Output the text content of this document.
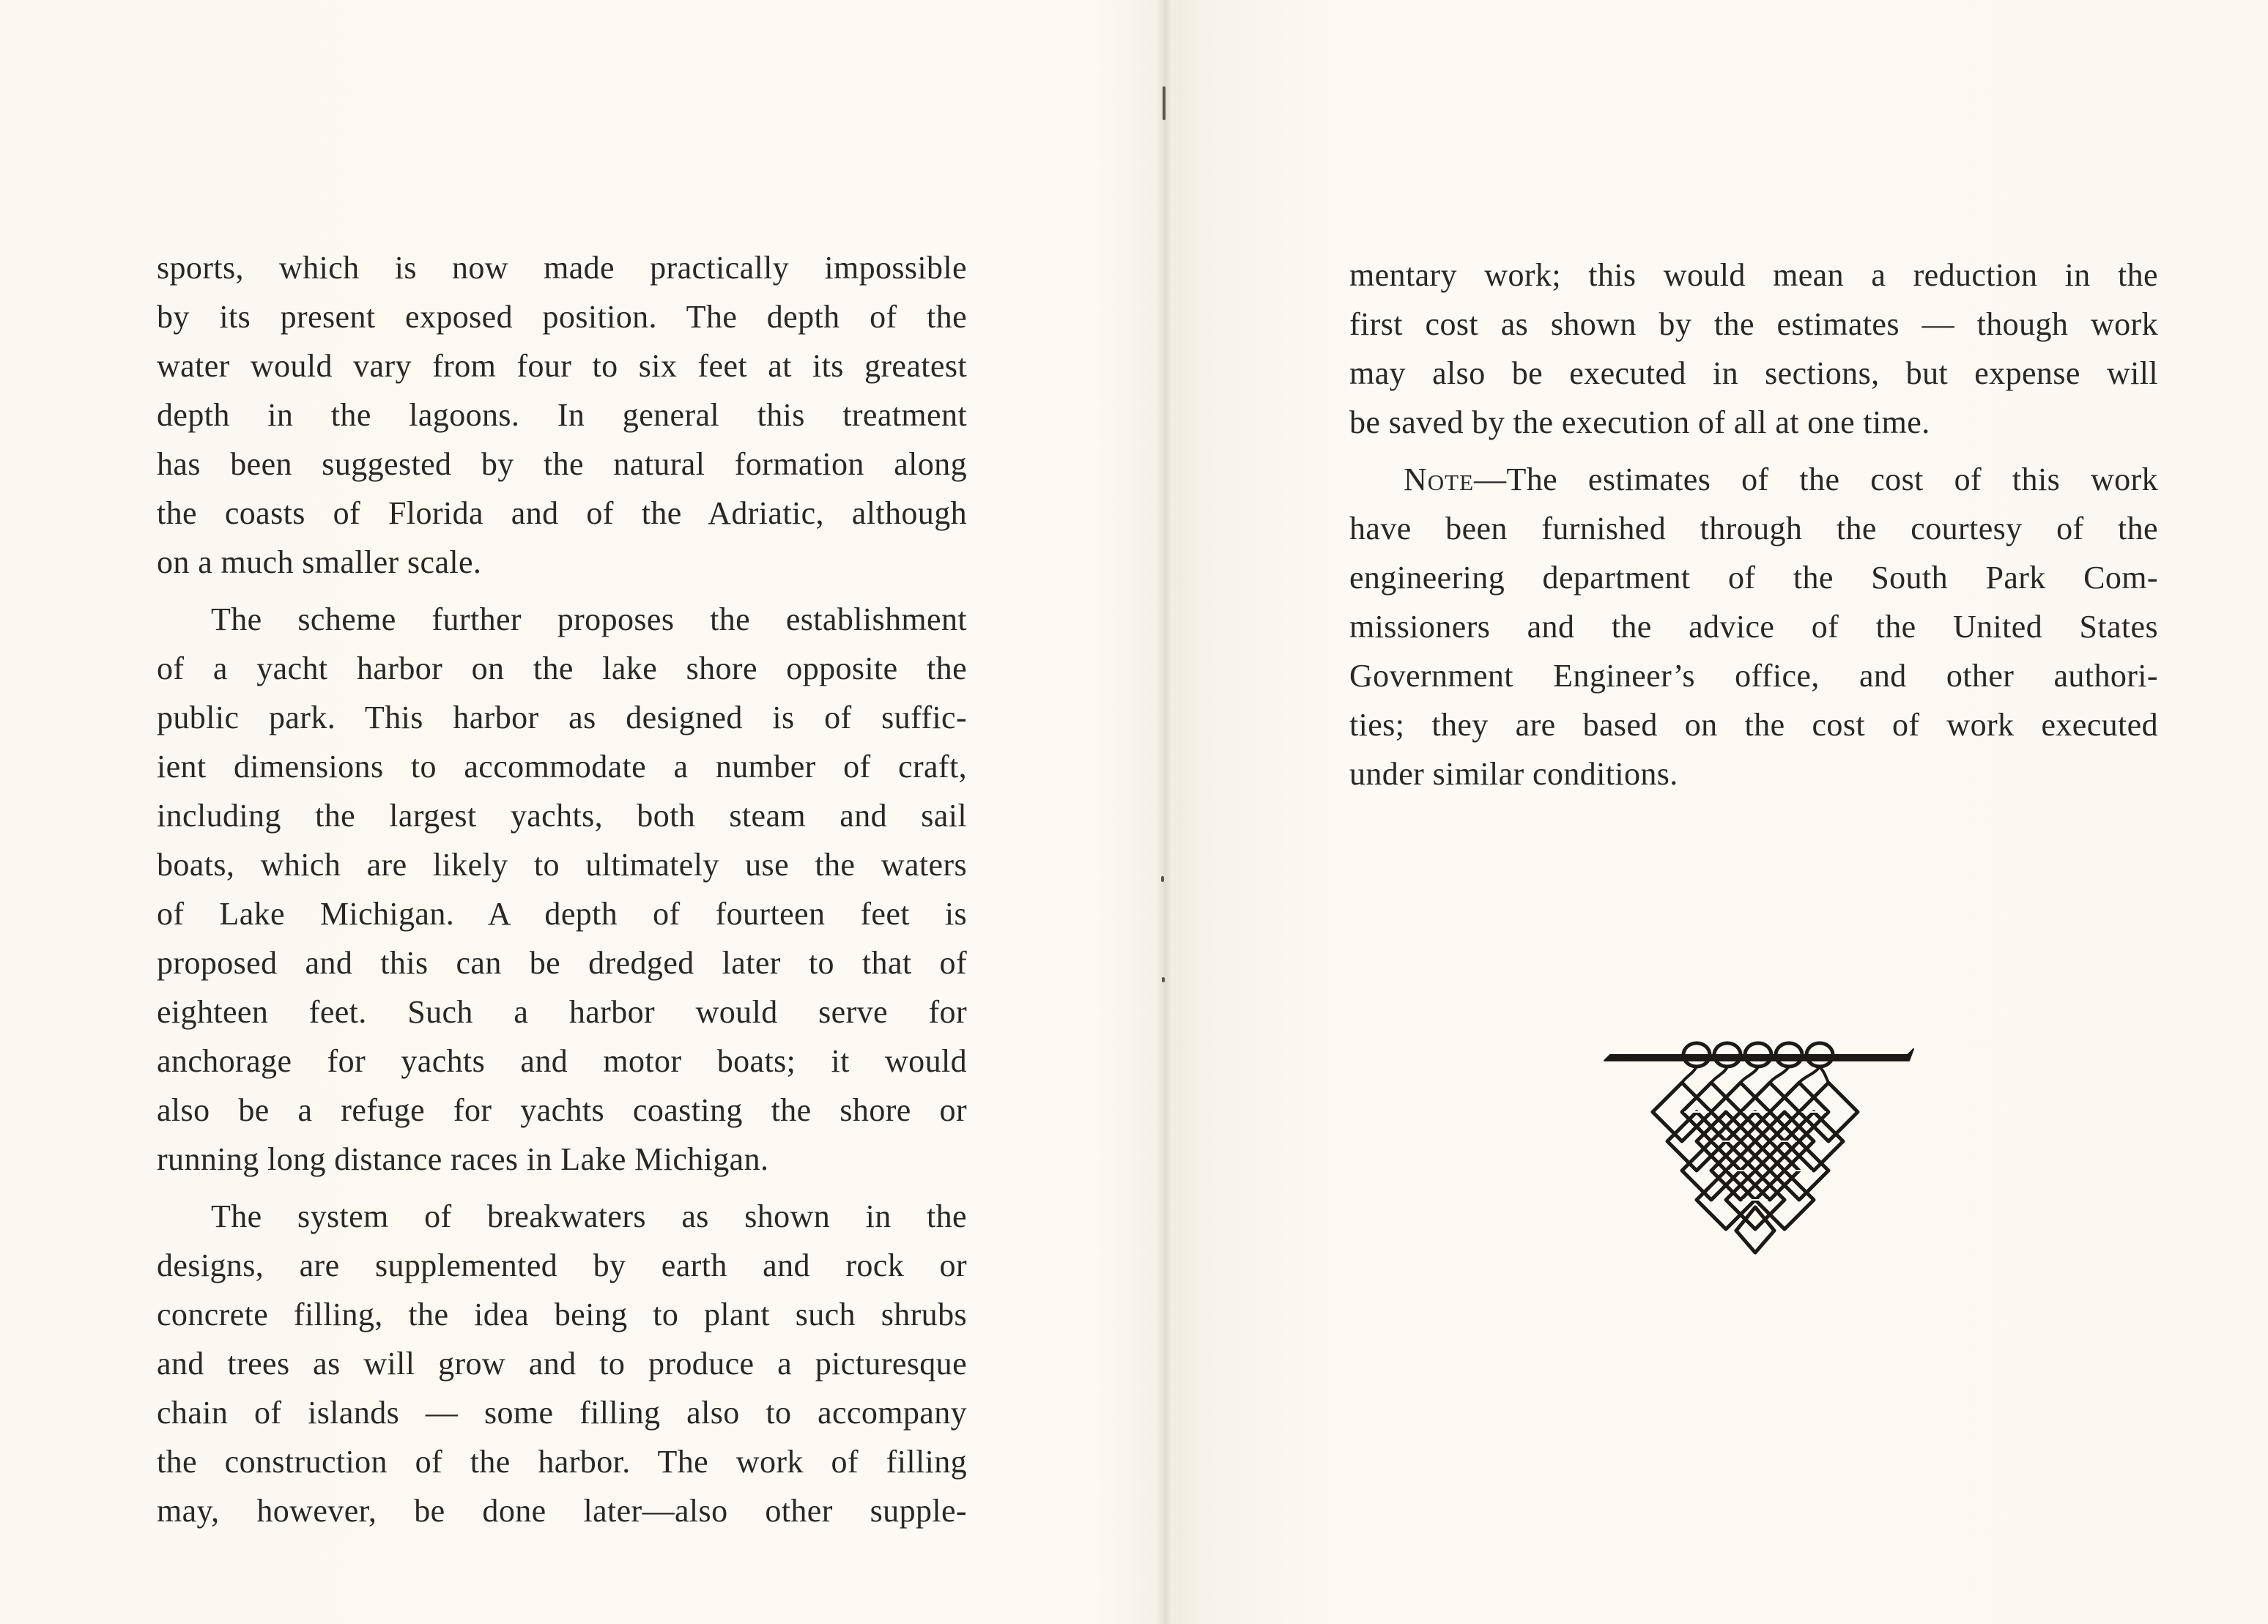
sports, which is now made practically impossible
by its present exposed position. The depth of the
water would vary from four to six feet at its greatest
depth in the lagoons. In general this treatment
has been suggested by the natural formation along
the coasts of Florida and of the Adriatic, although
on a much smaller scale.
The scheme further proposes the establishment
of a yacht harbor on the lake shore opposite the
public park. This harbor as designed is of suffic-
ient dimensions to accommodate a number of craft,
including the largest yachts, both steam and sail
boats, which are likely to ultimately use the waters
of Lake Michigan. A depth of fourteen feet is
proposed and this can be dredged later to that of
eighteen feet. Such a harbor would serve for
anchorage for yachts and motor boats; it would
also be a refuge for yachts coasting the shore or
running long distance races in Lake Michigan.
The system of breakwaters as shown in the
designs, are supplemented by earth and rock or
concrete filling, the idea being to plant such shrubs
and trees as will grow and to produce a picturesque
chain of islands — some filling also to accompany
the construction of the harbor. The work of filling
may, however, be done later—also other supple-
mentary work; this would mean a reduction in the
first cost as shown by the estimates — though work
may also be executed in sections, but expense will
be saved by the execution of all at one time.
Note—The estimates of the cost of this work
have been furnished through the courtesy of the
engineering department of the South Park Com-
missioners and the advice of the United States
Government Engineer’s office, and other authori-
ties; they are based on the cost of work executed
under similar conditions.
